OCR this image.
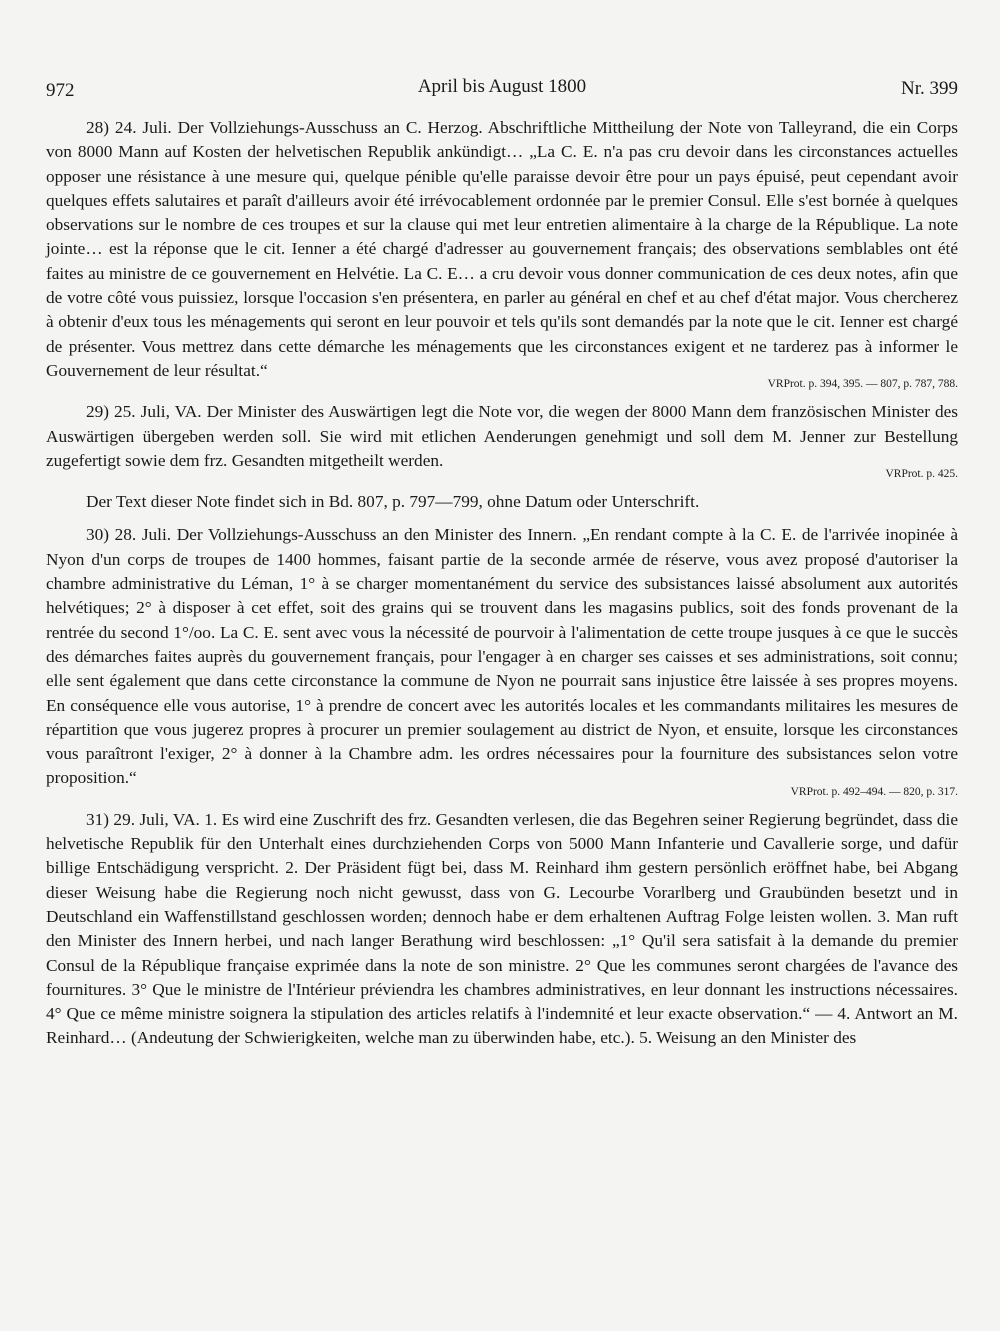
972	April bis August 1800	Nr. 399

28) 24. Juli. Der Vollziehungs-Ausschuss an C. Herzog. Abschriftliche Mittheilung der Note von Talleyrand, die ein Corps von 8000 Mann auf Kosten der helvetischen Republik ankündigt… „La C. E. n'a pas cru devoir dans les circonstances actuelles opposer une résistance à une mesure qui, quelque pénible qu'elle paraisse devoir être pour un pays épuisé, peut cependant avoir quelques effets salutaires et paraît d'ailleurs avoir été irrévocablement ordonnée par le premier Consul. Elle s'est bornée à quelques observations sur le nombre de ces troupes et sur la clause qui met leur entretien alimentaire à la charge de la République. La note jointe… est la réponse que le cit. Ienner a été chargé d'adresser au gouvernement français; des observations semblables ont été faites au ministre de ce gouvernement en Helvétie. La C. E… a cru devoir vous donner communication de ces deux notes, afin que de votre côté vous puissiez, lorsque l'occasion s'en présentera, en parler au général en chef et au chef d'état major. Vous chercherez à obtenir d'eux tous les ménagements qui seront en leur pouvoir et tels qu'ils sont demandés par la note que le cit. Ienner est chargé de présenter. Vous mettrez dans cette démarche les ménagements que les circonstances exigent et ne tarderez pas à informer le Gouvernement de leur résultat.“

VRProt. p. 394, 395. — 807, p. 787, 788.

29) 25. Juli, VA. Der Minister des Auswärtigen legt die Note vor, die wegen der 8000 Mann dem französischen Minister des Auswärtigen übergeben werden soll. Sie wird mit etlichen Aenderungen genehmigt und soll dem M. Jenner zur Bestellung zugefertigt sowie dem frz. Gesandten mitgetheilt werden.

VRProt. p. 425.

Der Text dieser Note findet sich in Bd. 807, p. 797—799, ohne Datum oder Unterschrift.

30) 28. Juli. Der Vollziehungs-Ausschuss an den Minister des Innern. „En rendant compte à la C. E. de l'arrivée inopinée à Nyon d'un corps de troupes de 1400 hommes, faisant partie de la seconde armée de réserve, vous avez proposé d'autoriser la chambre administrative du Léman, 1° à se charger momentanément du service des subsistances laissé absolument aux autorités helvétiques; 2° à disposer à cet effet, soit des grains qui se trouvent dans les magasins publics, soit des fonds provenant de la rentrée du second 1°/oo. La C. E. sent avec vous la nécessité de pourvoir à l'alimentation de cette troupe jusques à ce que le succès des démarches faites auprès du gouvernement français, pour l'engager à en charger ses caisses et ses administrations, soit connu; elle sent également que dans cette circonstance la commune de Nyon ne pourrait sans injustice être laissée à ses propres moyens. En conséquence elle vous autorise, 1° à prendre de concert avec les autorités locales et les commandants militaires les mesures de répartition que vous jugerez propres à procurer un premier soulagement au district de Nyon, et ensuite, lorsque les circonstances vous paraîtront l'exiger, 2° à donner à la Chambre adm. les ordres nécessaires pour la fourniture des subsistances selon votre proposition.“

VRProt. p. 492–494. — 820, p. 317.

31) 29. Juli, VA. 1. Es wird eine Zuschrift des frz. Gesandten verlesen, die das Begehren seiner Regierung begründet, dass die helvetische Republik für den Unterhalt eines durchziehenden Corps von 5000 Mann Infanterie und Cavallerie sorge, und dafür billige Entschädigung verspricht. 2. Der Präsident fügt bei, dass M. Reinhard ihm gestern persönlich eröffnet habe, bei Abgang dieser Weisung habe die Regierung noch nicht gewusst, dass von G. Lecourbe Vorarlberg und Graubünden besetzt und in Deutschland ein Waffenstillstand geschlossen worden; dennoch habe er dem erhaltenen Auftrag Folge leisten wollen. 3. Man ruft den Minister des Innern herbei, und nach langer Berathung wird beschlossen: „1° Qu'il sera satisfait à la demande du premier Consul de la République française exprimée dans la note de son ministre. 2° Que les communes seront chargées de l'avance des fournitures. 3° Que le ministre de l'Intérieur préviendra les chambres administratives, en leur donnant les instructions nécessaires. 4° Que ce même ministre soignera la stipulation des articles relatifs à l'indemnité et leur exacte observation.“ — 4. Antwort an M. Reinhard… (Andeutung der Schwierigkeiten, welche man zu überwinden habe, etc.). 5. Weisung an den Minister des
